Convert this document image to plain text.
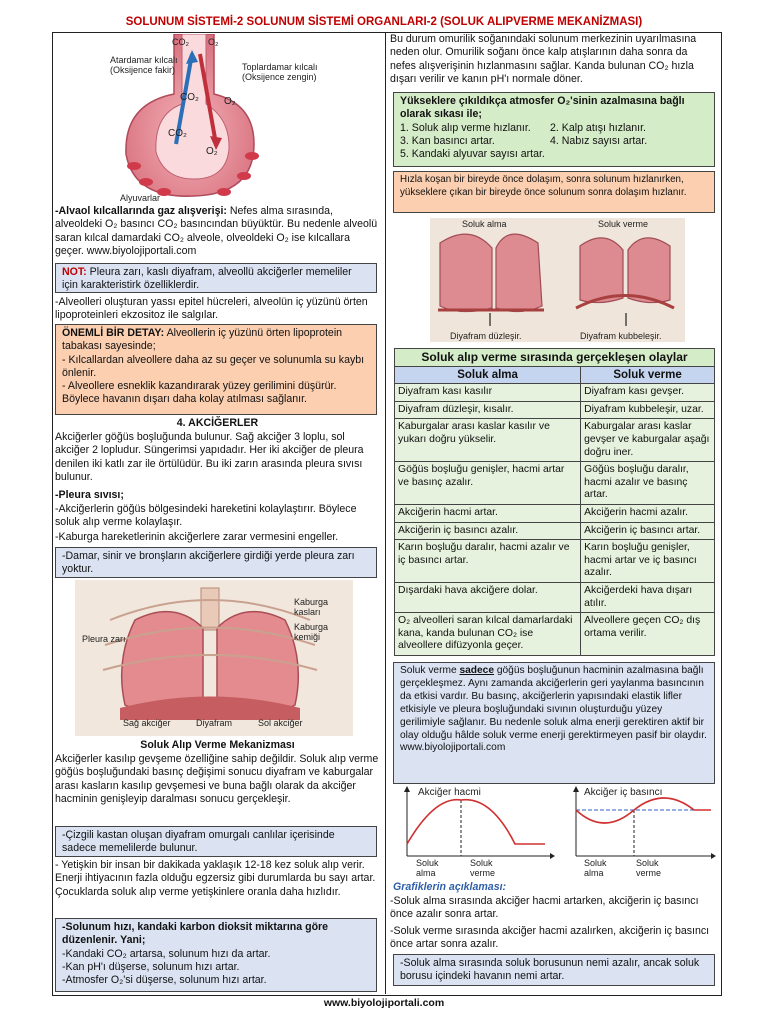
SOLUNUM SİSTEMİ-2 SOLUNUM SİSTEMİ ORGANLARI-2 (SOLUK ALIPVERME MEKANİZMASI)
CO₂ O₂
Atardamar kılcalı
(Oksijence fakir)	Toplardamar kılcalı
(Oksijence zengin)
CO₂	O₂
CO₂
O₂
Alyuvarlar
-Alvaol kılcallarında gaz alışverişi: Nefes alma sırasında, alveoldeki O₂ basıncı CO₂ basıncından büyüktür. Bu nedenle alveolü saran kılcal damardaki CO₂ alveole, olveoldeki O₂ ise kılcallara geçer. www.biyolojiportali.com
NOT: Pleura zarı, kaslı diyafram, alveollü akciğerler memeliler için karakteristirk özelliklerdir.
-Alveolleri oluşturan yassı epitel hücreleri, alveolün iç yüzünü örten lipoproteinleri ekzositoz ile salgılar.
ÖNEMLİ BİR DETAY: Alveollerin iç yüzünü örten lipoprotein tabakası sayesinde;
- Kılcallardan alveollere daha az su geçer ve solunumla su kaybı önlenir.
- Alveollere esneklik kazandırarak yüzey gerilimini düşürür. Böylece havanın dışarı daha kolay atılması sağlanır.
4. AKCİĞERLER
Akciğerler göğüs boşluğunda bulunur. Sağ akciğer 3 loplu, sol akciğer 2 lopludur. Süngerimsi yapıdadır. Her iki akciğer de pleura denilen iki katlı zar ile örtülüdür. Bu iki zarın arasında pleura sıvısı bulunur.
-Pleura sıvısı;
-Akciğerlerin göğüs bölgesindeki hareketini kolaylaştırır. Böylece soluk alıp verme kolaylaşır.
-Kaburga hareketlerinin akciğerlere zarar vermesini engeller.
-Damar, sinir ve bronşların akciğerlere girdiği yerde pleura zarı yoktur.
Kaburga
kasları
Kaburga
kemiği
Pleura zarı
Sağ akciğer	Diyafram	Sol akciğer
Soluk Alıp Verme Mekanizması
Akciğerler kasılıp gevşeme özelliğine sahip değildir. Soluk alıp verme göğüs boşluğundaki basınç değişimi sonucu diyafram ve kaburgalar arası kasların kasılıp gevşemesi ve buna bağlı olarak da akciğer hacminin genişleyip daralması sonucu gerçekleşir.
-Çizgili kastan oluşan diyafram omurgalı canlılar içerisinde sadece memelilerde bulunur.
- Yetişkin bir insan bir dakikada yaklaşık 12-18 kez soluk alıp verir. Enerji ihtiyacının fazla olduğu egzersiz gibi durumlarda bu sayı artar. Çocuklarda soluk alıp verme yetişkinlere oranla daha hızlıdır.
-Solunum hızı, kandaki karbon dioksit miktarına göre düzenlenir. Yani;
-Kandaki CO₂ artarsa, solunum hızı da artar.
-Kan pH'ı düşerse, solunum hızı artar.
-Atmosfer O₂'si düşerse, solunum hızı artar.
Bu durum omurilik soğanındaki solunum merkezinin uyarılmasına neden olur. Omurilik soğanı önce kalp atışlarının daha sonra da nefes alışverişinin hızlanmasını sağlar. Kanda bulunan CO₂ hızla dışarı verilir ve kanın pH'ı normale döner.
Yükseklere çıkıldıkça atmosfer O₂'sinin azalmasına bağlı olarak sıkası ile;
1. Soluk alıp verme hızlanır. 2. Kalp atışı hızlanır.
3. Kan basıncı artar.	4. Nabız sayısı artar.
5. Kandaki alyuvar sayısı artar.
Hızla koşan bir bireyde önce dolaşım, sonra solunum hızlanırken, yükseklere çıkan bir bireyde önce solunum sonra dolaşım hızlanır.
Soluk alma	Soluk verme
Diyafram düzleşir.	Diyafram kubbeleşir.
Soluk alıp verme sırasında gerçekleşen olaylar	
Soluk alma	Soluk verme
Diyafram kası kasılır	Diyafram kası gevşer.
Diyafram düzleşir, kısalır.	Diyafram kubbeleşir, uzar.
Kaburgalar arası kaslar kasılır ve yukarı doğru yükselir.	Kaburgalar arası kaslar gevşer ve kaburgalar aşağı doğru iner.
Göğüs boşluğu genişler, hacmi artar ve basınç azalır.	Göğüs boşluğu daralır, hacmi azalır ve basınç artar.
Akciğerin hacmi artar.	Akciğerin hacmi azalır.
Akciğerin iç basıncı azalır.	Akciğerin iç basıncı artar.
Karın boşluğu daralır, hacmi azalır ve iç basıncı artar.	Karın boşluğu genişler, hacmi artar ve iç basıncı azalır.
Dışardaki hava akciğere dolar.	Akciğerdeki hava dışarı atılır.
O₂ alveolleri saran kılcal damarlardaki kana, kanda bulunan CO₂ ise alveollere difüzyonla geçer.	Alveollere geçen CO₂ dış ortama verilir.
Soluk verme sadece göğüs boşluğunun hacminin azalmasına bağlı gerçekleşmez. Aynı zamanda akciğerlerin geri yaylanma basıncının da etkisi vardır. Bu basınç, akciğerlerin yapısındaki elastik lifler etkisiyle ve pleura boşluğundaki sıvının oluşturduğu yüzey gerilimiyle sağlanır. Bu nedenle soluk alma enerji gerektiren aktif bir olay olduğu hâlde soluk verme enerji gerektirmeyen pasif bir olaydır. www.biyolojiportali.com
Akciğer hacmi
Soluk
alma
Soluk
verme
Akciğer iç basıncı
Soluk
alma
Soluk
verme
Grafiklerin açıklaması:
-Soluk alma sırasında akciğer hacmi artarken, akciğerin iç basıncı önce azalır sonra artar.
-Soluk verme sırasında akciğer hacmi azalırken, akciğerin iç basıncı önce artar sonra azalır.
-Soluk alma sırasında soluk borusunun nemi azalır, ancak soluk borusu içindeki havanın nemi artar.
www.biyolojiportali.com
